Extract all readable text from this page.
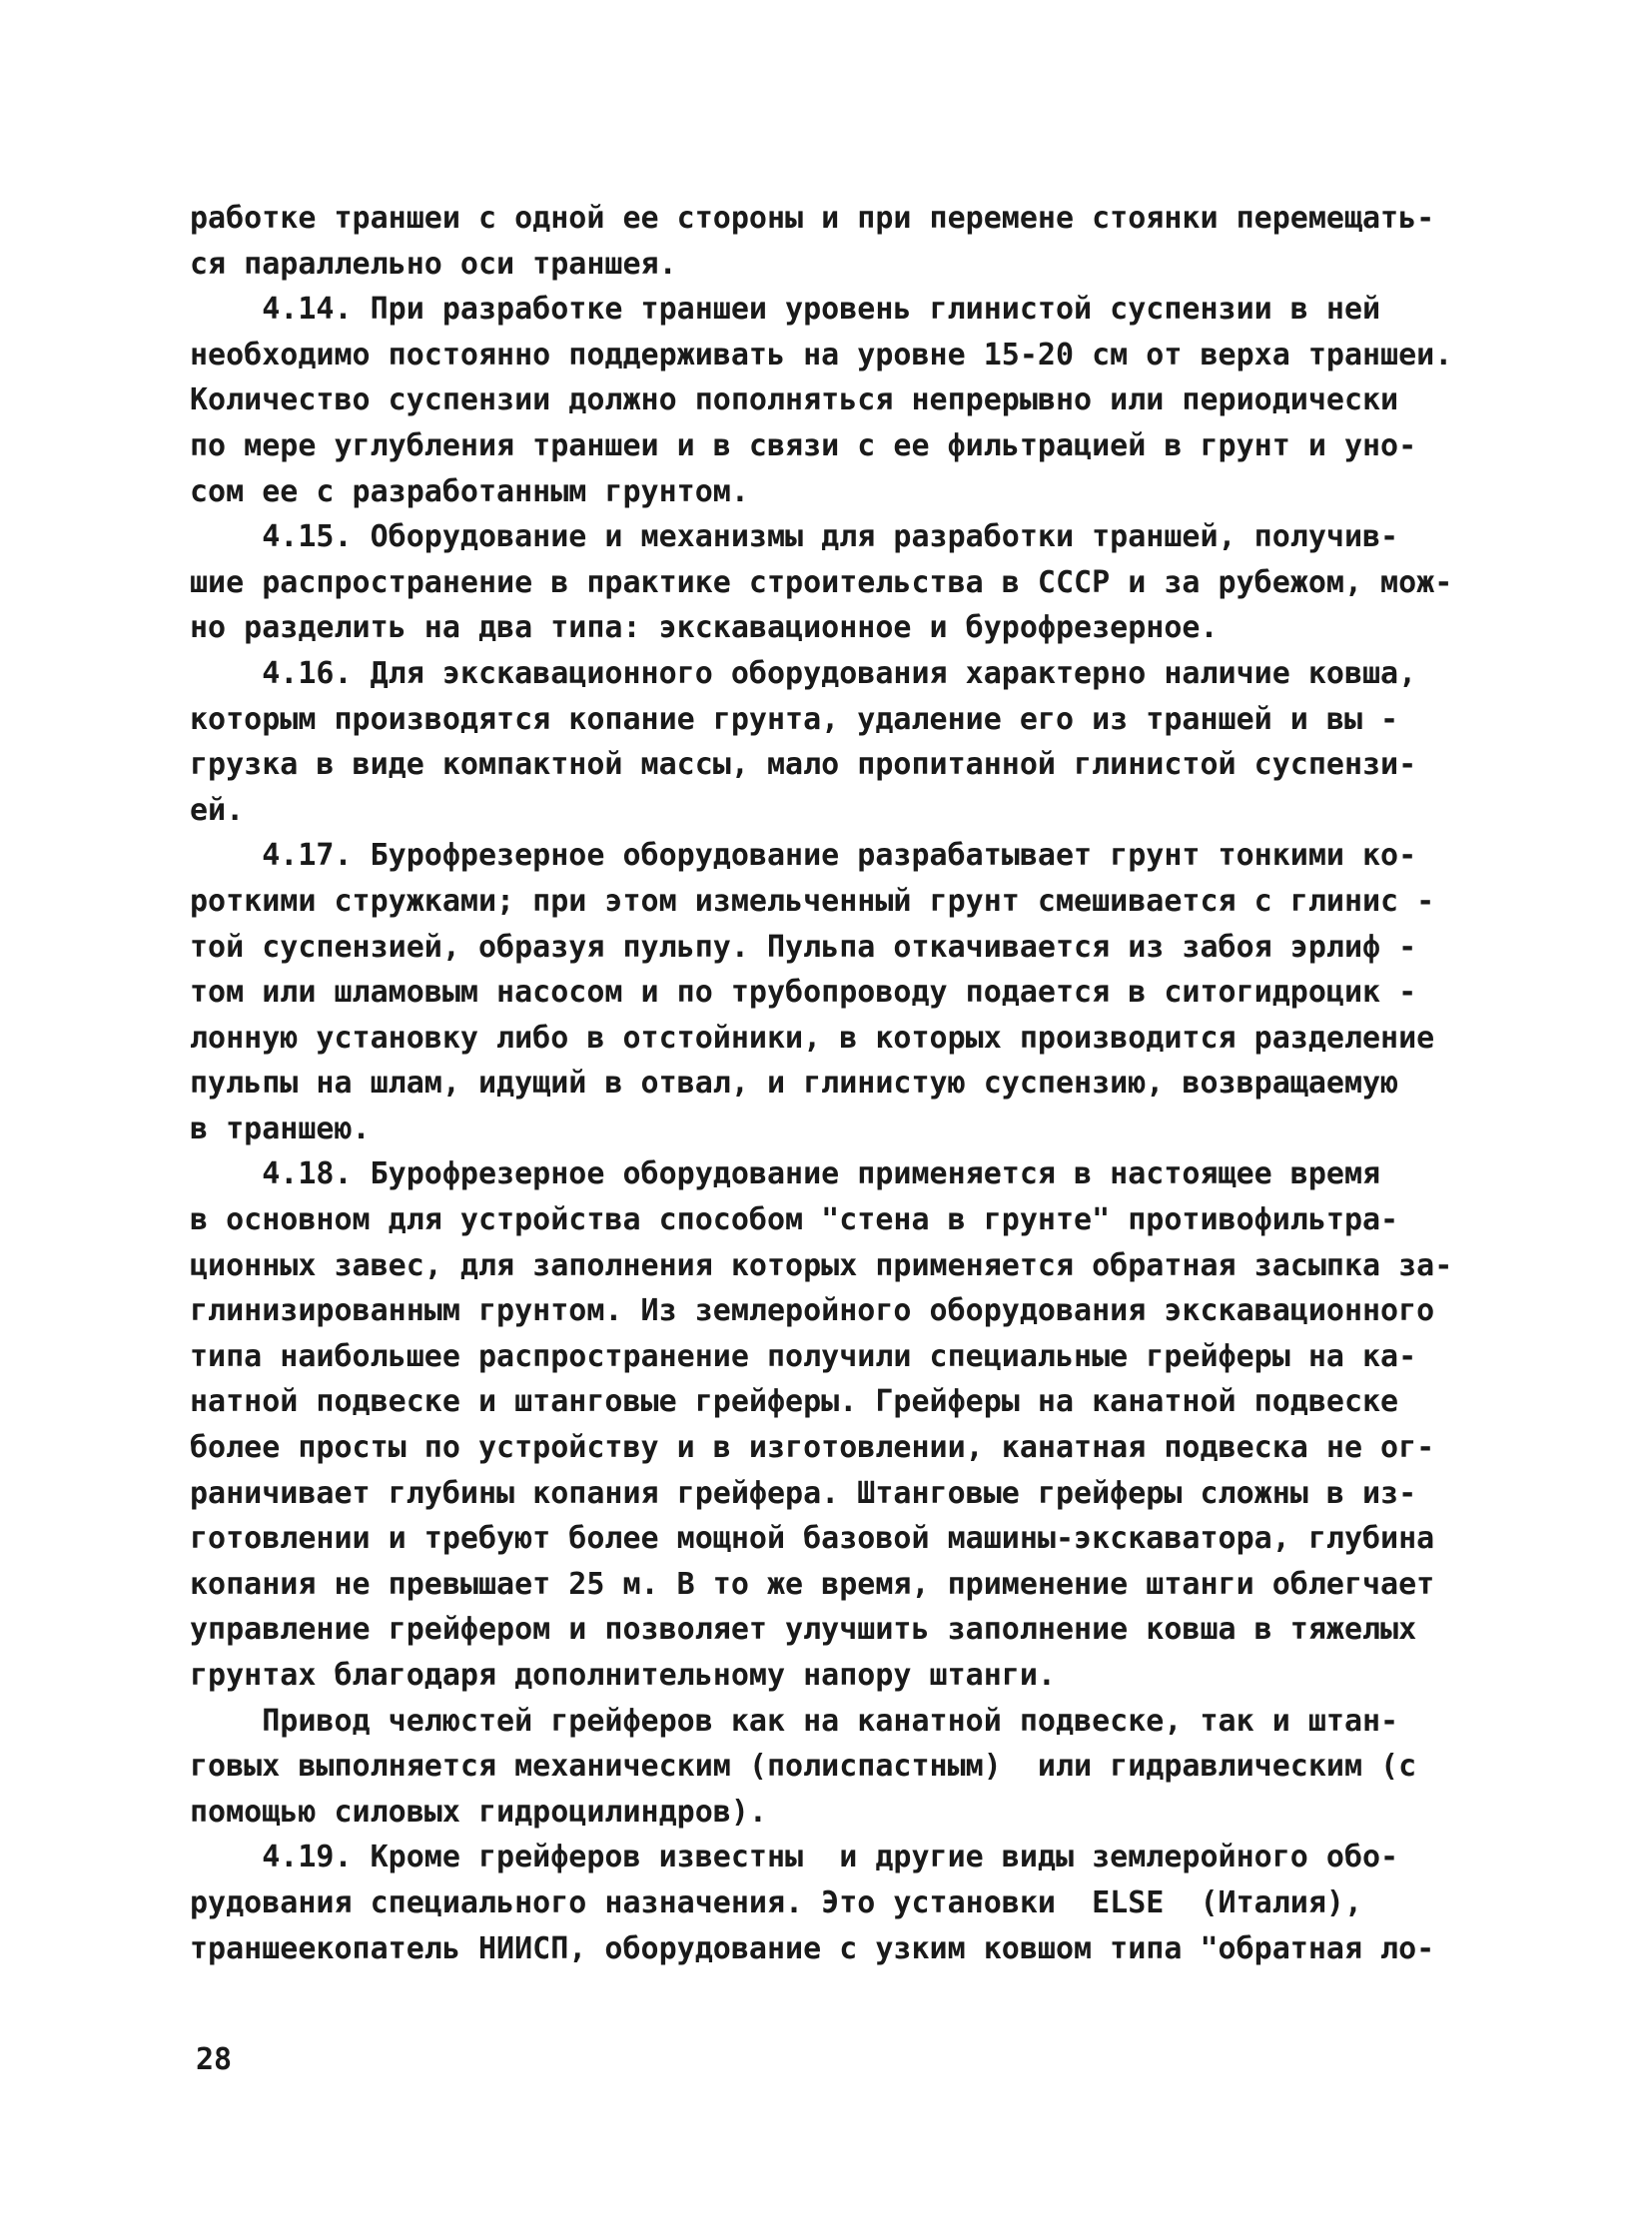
работке траншеи с одной ее стороны и при перемене стоянки перемещать-
ся параллельно оси траншея.
4.14. При разработке траншеи уровень глинистой суспензии в ней
необходимо постоянно поддерживать на уровне 15-20 см от верха траншеи.
Количество суспензии должно пополняться непрерывно или периодически
по мере углубления траншеи и в связи с ее фильтрацией в грунт и уно-
сом ее с разработанным грунтом.
4.15. Оборудование и механизмы для разработки траншей, получив-
шие распространение в практике строительства в СССР и за рубежом, мож-
но разделить на два типа: экскавационное и бурофрезерное.
4.16. Для экскавационного оборудования характерно наличие ковша,
которым производятся копание грунта, удаление его из траншей и вы -
грузка в виде компактной массы, мало пропитанной глинистой суспензи-
ей.
4.17. Бурофрезерное оборудование разрабатывает грунт тонкими ко-
роткими стружками; при этом измельченный грунт смешивается с глинис -
той суспензией, образуя пульпу. Пульпа откачивается из забоя эрлиф -
том или шламовым насосом и по трубопроводу подается в ситогидроцик -
лонную установку либо в отстойники, в которых производится разделение
пульпы на шлам, идущий в отвал, и глинистую суспензию, возвращаемую
в траншею.
4.18. Бурофрезерное оборудование применяется в настоящее время
в основном для устройства способом "стена в грунте" противофильтра-
ционных завес, для заполнения которых применяется обратная засыпка за-
глинизированным грунтом. Из землеройного оборудования экскавационного
типа наибольшее распространение получили специальные грейферы на ка-
натной подвеске и штанговые грейферы. Грейферы на канатной подвеске
более просты по устройству и в изготовлении, канатная подвеска не ог-
раничивает глубины копания грейфера. Штанговые грейферы сложны в из-
готовлении и требуют более мощной базовой машины-экскаватора, глубина
копания не превышает 25 м. В то же время, применение штанги облегчает
управление грейфером и позволяет улучшить заполнение ковша в тяжелых
грунтах благодаря дополнительному напору штанги.
Привод челюстей грейферов как на канатной подвеске, так и штан-
говых выполняется механическим (полиспастным)  или гидравлическим (с
помощью силовых гидроцилиндров).
4.19. Кроме грейферов известны  и другие виды землеройного обо-
рудования специального назначения. Это установки  ELSE  (Италия),
траншеекопатель НИИСП, оборудование с узким ковшом типа "обратная ло-
28
